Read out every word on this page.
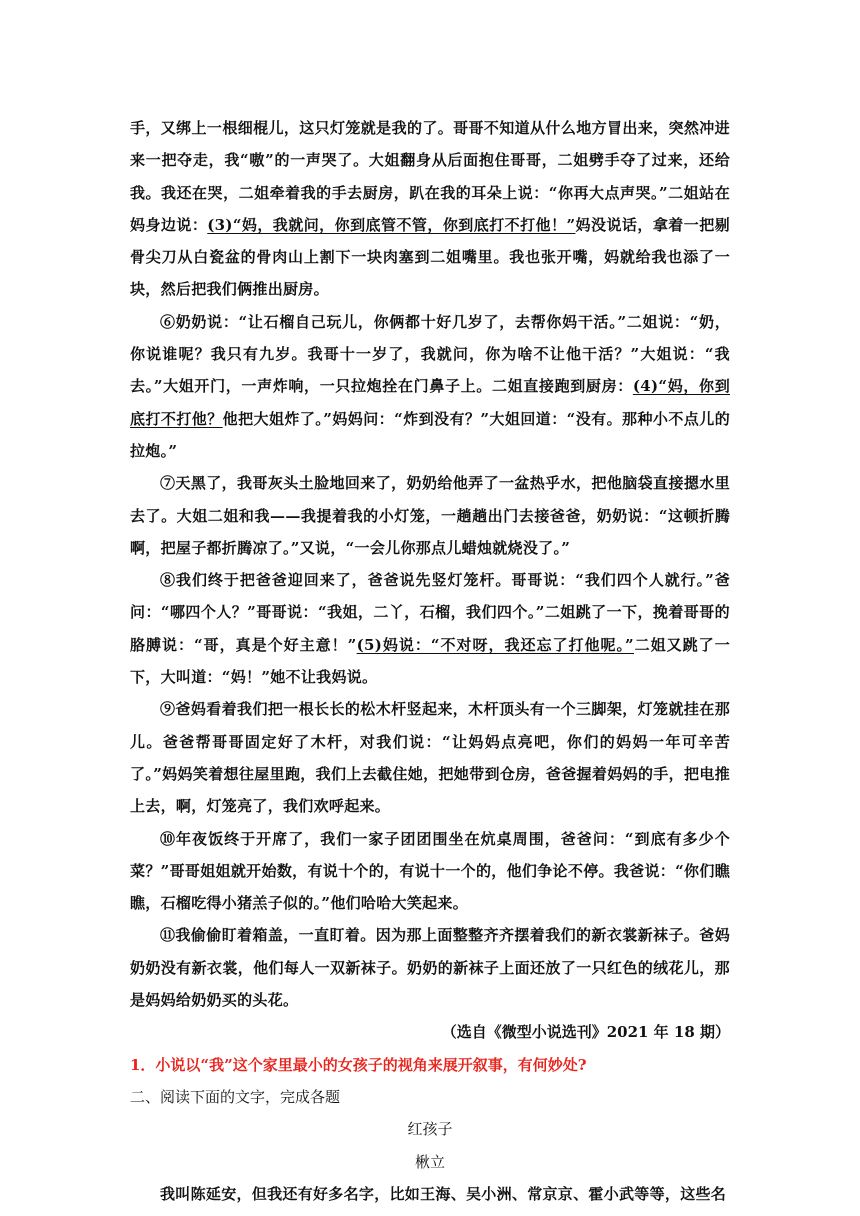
手，又绑上一根细棍儿，这只灯笼就是我的了。哥哥不知道从什么地方冒出来，突然冲进来一把夺走，我“嗷”的一声哭了。大姐翻身从后面抱住哥哥，二姐劈手夺了过来，还给我。我还在哭，二姐牵着我的手去厨房，趴在我的耳朵上说：“你再大点声哭。”二姐站在妈身边说：(3)“妈，我就问，你到底管不管，你到底打不打他！”妈没说话，拿着一把剔骨尖刀从白瓷盆的骨肉山上割下一块肉塞到二姐嘴里。我也张开嘴，妈就给我也添了一块，然后把我们俩推出厨房。

⑥奶奶说：“让石榴自己玩儿，你俩都十好几岁了，去帮你妈干活。”二姐说：“奶，你说谁呢？我只有九岁。我哥十一岁了，我就问，你为啥不让他干活？”大姐说：“我去。”大姐开门，一声炸响，一只拉炮拴在门鼻子上。二姐直接跑到厨房：(4)“妈，你到底打不打他？他把大姐炸了。”妈妈问：“炸到没有？”大姐回道：“没有。那种小不点儿的拉炮。”

⑦天黑了，我哥灰头土脸地回来了，奶奶给他弄了一盆热乎水，把他脑袋直接摁水里去了。大姐二姐和我——我提着我的小灯笼，一趟趟出门去接爸爸，奶奶说：“这顿折腾啊，把屋子都折腾凉了。”又说，“一会儿你那点儿蜡烛就烧没了。”

⑧我们终于把爸爸迎回来了，爸爸说先竖灯笼杆。哥哥说：“我们四个人就行。”爸问：“哪四个人？”哥哥说：“我姐，二丫，石榴，我们四个。”二姐跳了一下，挽着哥哥的胳膊说：“哥，真是个好主意！”(5)妈说：“不对呀，我还忘了打他呢。”二姐又跳了一下，大叫道：“妈！”她不让我妈说。

⑨爸妈看着我们把一根长长的松木杆竖起来，木杆顶头有一个三脚架，灯笼就挂在那儿。爸爸帮哥哥固定好了木杆，对我们说：“让妈妈点亮吧，你们的妈妈一年可辛苦了。”妈妈笑着想往屋里跑，我们上去截住她，把她带到仓房，爸爸握着妈妈的手，把电推上去，啊，灯笼亮了，我们欢呼起来。

⑩年夜饭终于开席了，我们一家子团团围坐在炕桌周围，爸爸问：“到底有多少个菜？”哥哥姐姐就开始数，有说十个的，有说十一个的，他们争论不停。我爸说：“你们瞧瞧，石榴吃得小猪羔子似的。”他们哈哈大笑起来。

⑪我偷偷盯着箱盖，一直盯着。因为那上面整整齐齐摆着我们的新衣裳新袜子。爸妈奶奶没有新衣裳，他们每人一双新袜子。奶奶的新袜子上面还放了一只红色的绒花儿，那是妈妈给奶奶买的头花。

（选自《微型小说选刊》2021 年 18 期）

1．小说以“我”这个家里最小的女孩子的视角来展开叙事，有何妙处?

二、阅读下面的文字，完成各题

红孩子

楸立

我叫陈延安，但我还有好多名字，比如王海、吴小洲、常京京、霍小武等等，这些名
